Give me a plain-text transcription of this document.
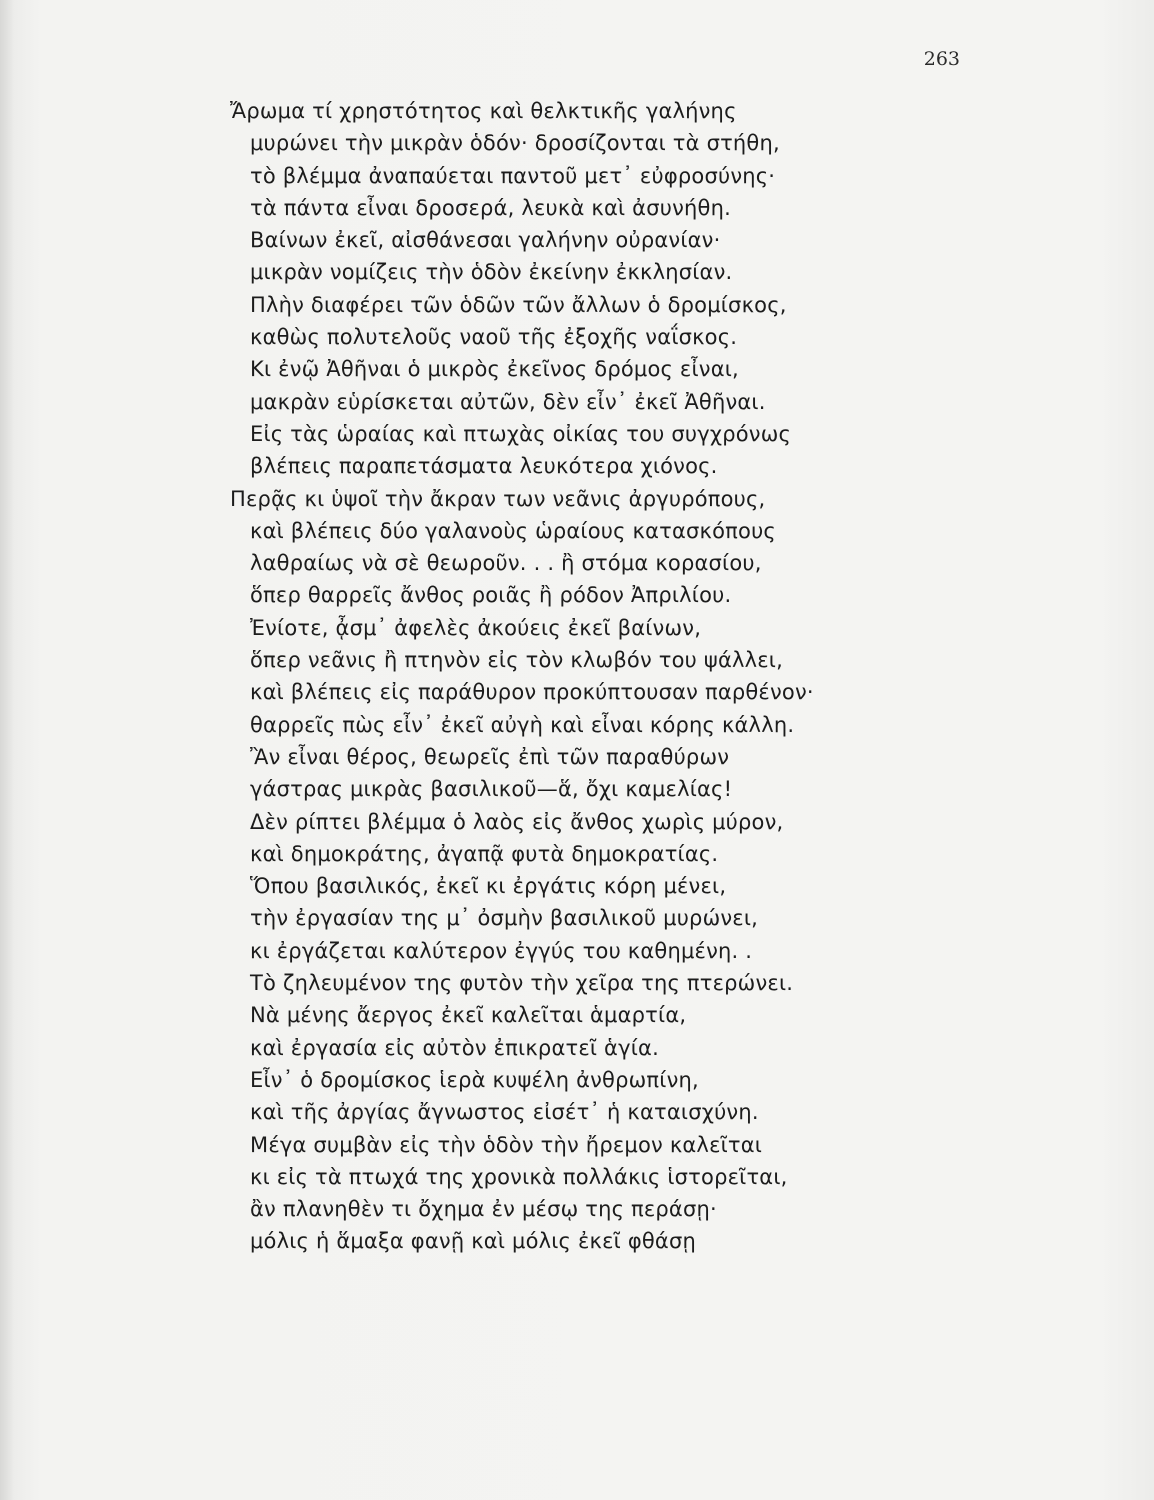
263
Ἄρωμα τί χρηστότητος καὶ θελκτικῆς γαλήνης
μυρώνει τὴν μικρὰν ὁδόν· δροσίζονται τὰ στήθη,
τὸ βλέμμα ἀναπαύεται παντοῦ μετ᾽ εὐφροσύνης·
τὰ πάντα εἶναι δροσερά, λευκὰ καὶ ἀσυνήθη.
Βαίνων ἐκεῖ, αἰσθάνεσαι γαλήνην οὐρανίαν·
μικρὰν νομίζεις τὴν ὁδὸν ἐκείνην ἐκκλησίαν.
Πλὴν διαφέρει τῶν ὁδῶν τῶν ἄλλων ὁ δρομίσκος,
καθὼς πολυτελοῦς ναοῦ τῆς ἐξοχῆς ναΐσκος.
Κι ἐνῷ Ἀθῆναι ὁ μικρὸς ἐκεῖνος δρόμος εἶναι,
μακρὰν εὑρίσκεται αὐτῶν, δὲν εἶν᾽ ἐκεῖ Ἀθῆναι.
Εἰς τὰς ὡραίας καὶ πτωχὰς οἰκίας του συγχρόνως
βλέπεις παραπετάσματα λευκότερα χιόνος.
Περᾷς κι ὑψοῖ τὴν ἄκραν των νεᾶνις ἀργυρόπους,
καὶ βλέπεις δύο γαλανοὺς ὡραίους κατασκόπους
λαθραίως νὰ σὲ θεωροῦν. . . ἢ στόμα κορασίου,
ὅπερ θαρρεῖς ἄνθος ροιᾶς ἢ ρόδον Ἀπριλίου.
Ἐνίοτε, ᾆσμ᾽ ἀφελὲς ἀκούεις ἐκεῖ βαίνων,
ὅπερ νεᾶνις ἢ πτηνὸν εἰς τὸν κλωβόν του ψάλλει,
καὶ βλέπεις εἰς παράθυρον προκύπτουσαν παρθένον·
θαρρεῖς πὼς εἶν᾽ ἐκεῖ αὐγὴ καὶ εἶναι κόρης κάλλη.
Ἂν εἶναι θέρος, θεωρεῖς ἐπὶ τῶν παραθύρων
γάστρας μικρὰς βασιλικοῦ—ἅ, ὄχι καμελίας!
Δὲν ρίπτει βλέμμα ὁ λαὸς εἰς ἄνθος χωρὶς μύρον,
καὶ δημοκράτης, ἀγαπᾷ φυτὰ δημοκρατίας.
Ὅπου βασιλικός, ἐκεῖ κι ἐργάτις κόρη μένει,
τὴν ἐργασίαν της μ᾽ ὀσμὴν βασιλικοῦ μυρώνει,
κι ἐργάζεται καλύτερον ἐγγύς του καθημένη. .
Τὸ ζηλευμένον της φυτὸν τὴν χεῖρα της πτερώνει.
Νὰ μένης ἄεργος ἐκεῖ καλεῖται ἁμαρτία,
καὶ ἐργασία εἰς αὐτὸν ἐπικρατεῖ ἁγία.
Εἶν᾽ ὁ δρομίσκος ἱερὰ κυψέλη ἀνθρωπίνη,
καὶ τῆς ἀργίας ἄγνωστος εἰσέτ᾽ ἡ καταισχύνη.
Μέγα συμβὰν εἰς τὴν ὁδὸν τὴν ἤρεμον καλεῖται
κι εἰς τὰ πτωχά της χρονικὰ πολλάκις ἱστορεῖται,
ἂν πλανηθὲν τι ὄχημα ἐν μέσῳ της περάσῃ·
μόλις ἡ ἅμαξα φανῇ καὶ μόλις ἐκεῖ φθάσῃ
